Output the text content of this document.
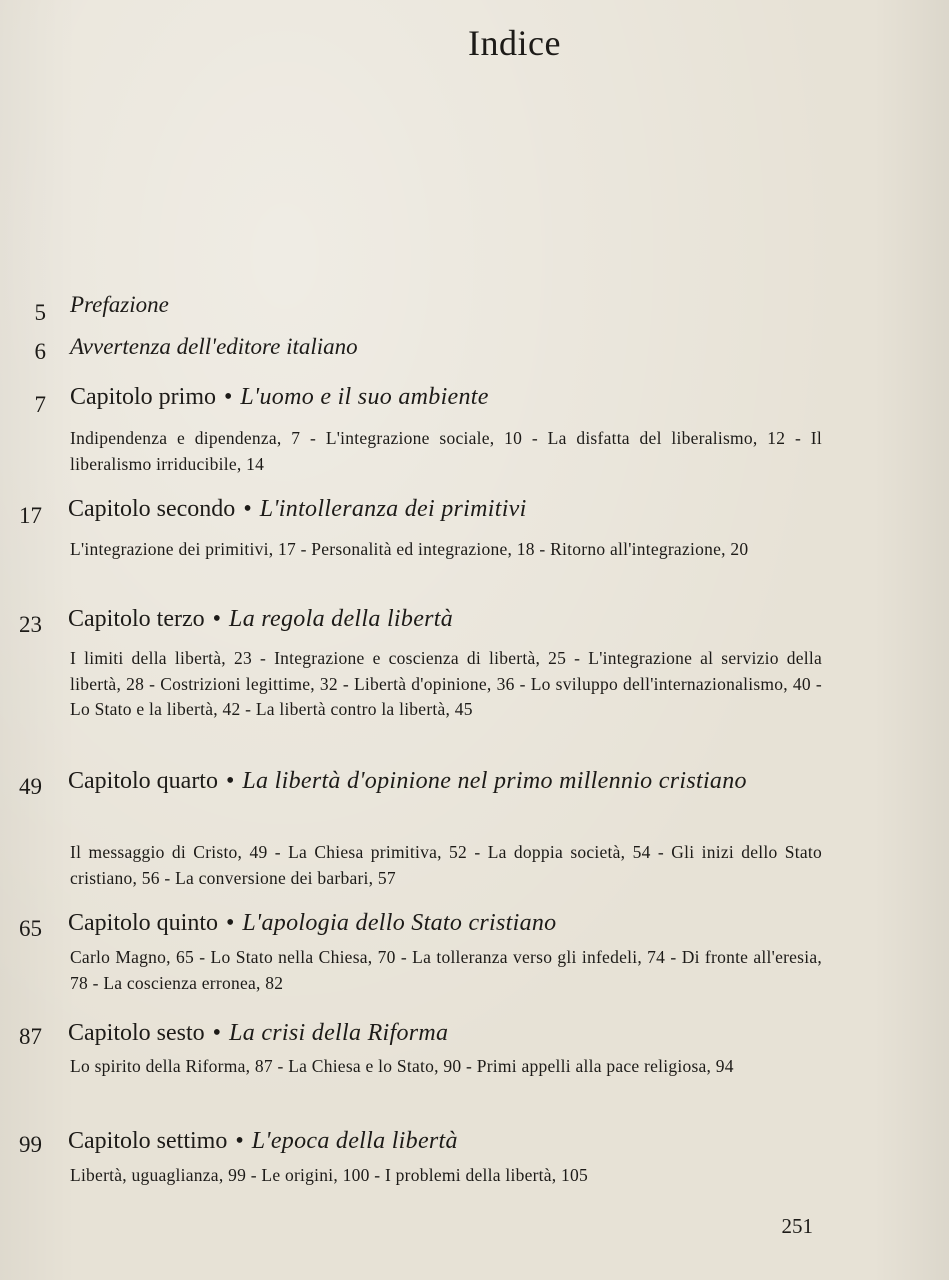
Indice
5 Prefazione
6 Avvertenza dell'editore italiano
7 Capitolo primo • L'uomo e il suo ambiente
Indipendenza e dipendenza, 7 - L'integrazione sociale, 10 - La disfatta del liberalismo, 12 - Il liberalismo irriducibile, 14
17 Capitolo secondo • L'intolleranza dei primitivi
L'integrazione dei primitivi, 17 - Personalità ed integrazione, 18 - Ritorno all'integrazione, 20
23 Capitolo terzo • La regola della libertà
I limiti della libertà, 23 - Integrazione e coscienza di libertà, 25 - L'integrazione al servizio della libertà, 28 - Costrizioni legittime, 32 - Libertà d'opinione, 36 - Lo sviluppo dell'internazionalismo, 40 - Lo Stato e la libertà, 42 - La libertà contro la libertà, 45
49 Capitolo quarto • La libertà d'opinione nel primo millennio cristiano
Il messaggio di Cristo, 49 - La Chiesa primitiva, 52 - La doppia società, 54 - Gli inizi dello Stato cristiano, 56 - La conversione dei barbari, 57
65 Capitolo quinto • L'apologia dello Stato cristiano
Carlo Magno, 65 - Lo Stato nella Chiesa, 70 - La tolleranza verso gli infedeli, 74 - Di fronte all'eresia, 78 - La coscienza erronea, 82
87 Capitolo sesto • La crisi della Riforma
Lo spirito della Riforma, 87 - La Chiesa e lo Stato, 90 - Primi appelli alla pace religiosa, 94
99 Capitolo settimo • L'epoca della libertà
Libertà, uguaglianza, 99 - Le origini, 100 - I problemi della libertà, 105
251
